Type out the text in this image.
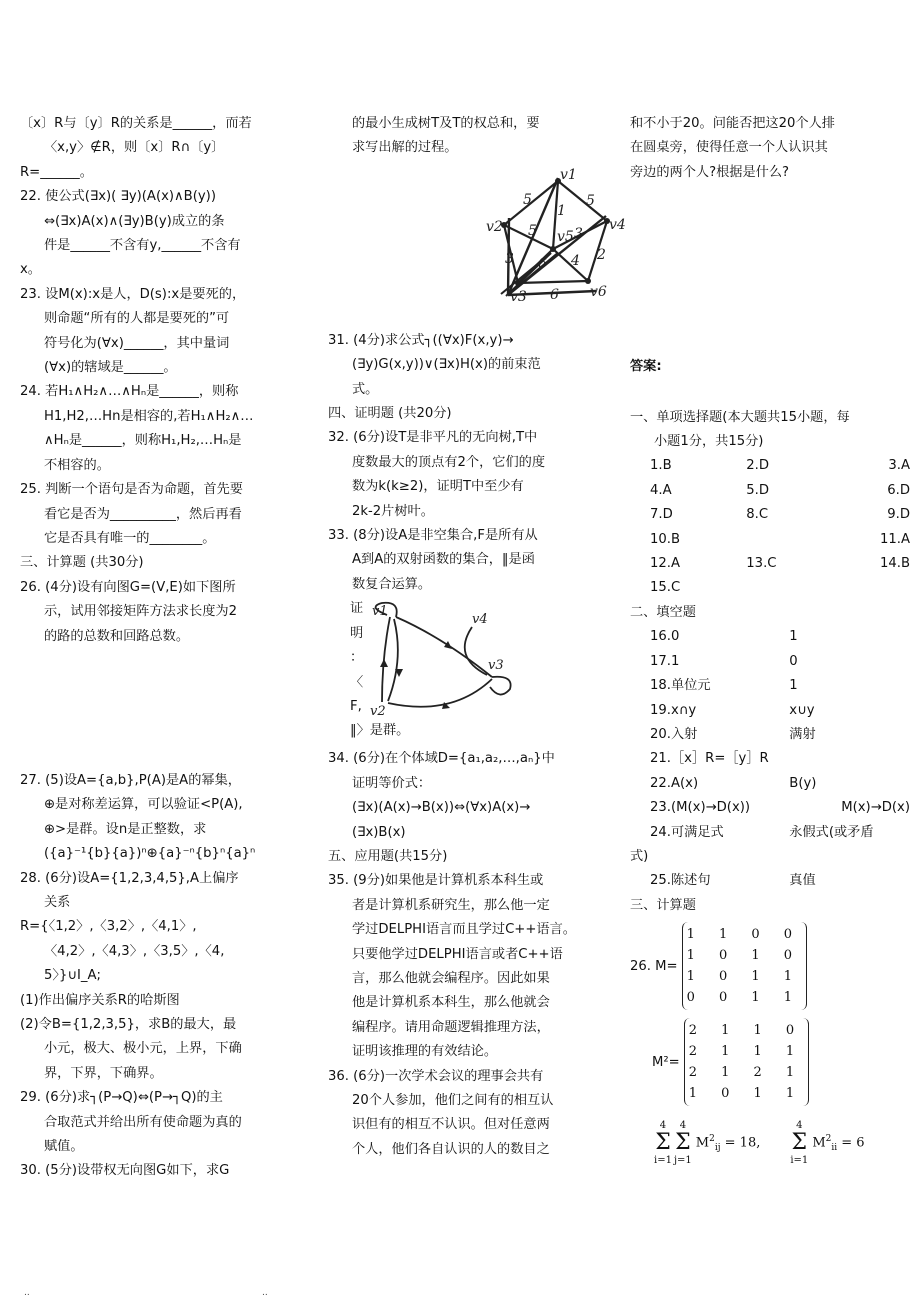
〔x〕R与〔y〕R的关系是______，而若

〈x,y〉∉R，则〔x〕R∩〔y〕

R=______。

22. 使公式(∃x)( ∃y)(A(x)∧B(y))

⇔(∃x)A(x)∧(∃y)B(y)成立的条

件是______不含有y,______不含有

x。

23. 设M(x):x是人，D(s):x是要死的，

则命题“所有的人都是要死的”可

符号化为(∀x)______，其中量词

(∀x)的辖域是______。

24. 若H₁∧H₂∧…∧Hₙ是______，则称

H1,H2,…Hn是相容的,若H₁∧H₂∧…

∧Hₙ是______，则称H₁,H₂,…Hₙ是

不相容的。

25. 判断一个语句是否为命题，首先要

看它是否为__________，然后再看

它是否具有唯一的________。

三、计算题 (共30分)

26. (4分)设有向图G=(V,E)如下图所

示，试用邻接矩阵方法求长度为2

的路的总数和回路总数。

27. (5)设A={a,b},P(A)是A的幂集，

⊕是对称差运算，可以验证<P(A),

⊕>是群。设n是正整数，求

({a}⁻¹{b}{a})ⁿ⊕{a}⁻ⁿ{b}ⁿ{a}ⁿ

28. (6分)设A={1,2,3,4,5},A上偏序

关系

R={〈1,2〉,〈3,2〉,〈4,1〉,

〈4,2〉,〈4,3〉,〈3,5〉,〈4,

5〉}∪I_A;

(1)作出偏序关系R的哈斯图

(2)令B={1,2,3,5}，求B的最大，最

小元，极大、极小元，上界，下确

界，下界，下确界。

29. (6分)求┐(P→Q)⇔(P→┐Q)的主

合取范式并给出所有使命题为真的

赋值。

30. (5分)设带权无向图G如下，求G

的最小生成树T及T的权总和，要

求写出解的过程。

v1
v2
v3
v4
v5
v6
5
1
5
5	3
3 6 4 2
6

31. (4分)求公式┐((∀x)F(x,y)→

(∃y)G(x,y))∨(∃x)H(x)的前束范

式。

四、证明题 (共20分)

32. (6分)设T是非平凡的无向树,T中

度数最大的顶点有2个，它们的度

数为k(k≥2)，证明T中至少有

2k-2片树叶。

33. (8分)设A是非空集合,F是所有从

A到A的双射函数的集合，‖是函

数复合运算。

证
明
：
〈
F,
‖〉是群。
v1
v2
v3
v4

34. (6分)在个体域D={a₁,a₂,…,aₙ}中

证明等价式：

(∃x)(A(x)→B(x))⇔(∀x)A(x)→

(∃x)B(x)

五、应用题(共15分)

35. (9分)如果他是计算机系本科生或

者是计算机系研究生，那么他一定

学过DELPHI语言而且学过C++语言。

只要他学过DELPHI语言或者C++语

言，那么他就会编程序。因此如果

他是计算机系本科生，那么他就会

编程序。请用命题逻辑推理方法，

证明该推理的有效结论。

36. (6分)一次学术会议的理事会共有

20个人参加，他们之间有的相互认

识但有的相互不认识。但对任意两

个人，他们各自认识的人的数目之

和不小于20。问能否把这20个人排

在圆桌旁，使得任意一个人认识其

旁边的两个人?根据是什么?

答案:

一、单项选择题(本大题共15小题，每

小题1分，共15分)

1.B	2.D	3.A
4.A	5.D	6.D
7.D	8.C	9.D
10.B	11.A
12.A	13.C	14.B
15.C

二、填空题

16.0	1
17.1	0
18.单位元	1
19.x∩y	x∪y
20.入射	满射
21.［x］R=［y］R
22.A(x)	B(y)
23.(M(x)→D(x))	M(x)→D(x)
24.可满足式	永假式(或矛盾
式)
25.陈述句	真值

三、计算题

26. M=
1 1 0 0
1 0 1 0
1 0 1 1
0 0 1 1
M²=
2 1 1 0
2 1 1 1
2 1 2 1
1 0 1 1
4
Σ
i=1
4
Σ
j=1
$M^2_{ij} = 18$,
4
Σ
i=1
$M^2_{ii} = 6$
..	..
